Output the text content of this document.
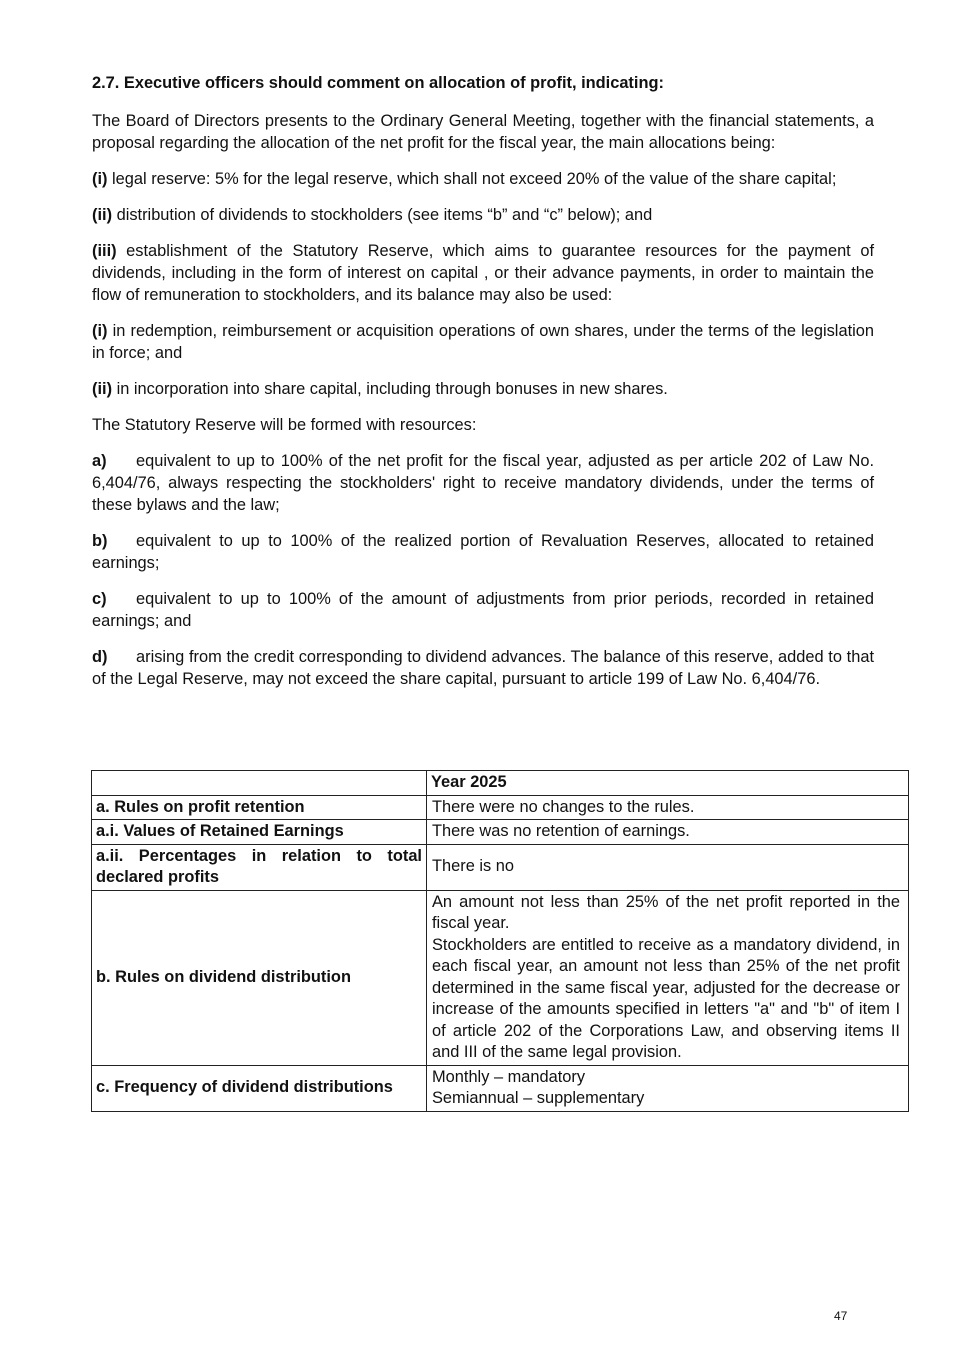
2.7. Executive officers should comment on allocation of profit, indicating:

The Board of Directors presents to the Ordinary General Meeting, together with the financial statements, a proposal regarding the allocation of the net profit for the fiscal year, the main allocations being:

(i) legal reserve: 5% for the legal reserve, which shall not exceed 20% of the value of the share capital;

(ii) distribution of dividends to stockholders (see items “b” and “c” below); and

(iii) establishment of the Statutory Reserve, which aims to guarantee resources for the payment of dividends, including in the form of interest on capital , or their advance payments, in order to maintain the flow of remuneration to stockholders, and its balance may also be used:

(i) in redemption, reimbursement or acquisition operations of own shares, under the terms of the legislation in force; and

(ii) in incorporation into share capital, including through bonuses in new shares.

The Statutory Reserve will be formed with resources:

a) equivalent to up to 100% of the net profit for the fiscal year, adjusted as per article 202 of Law No. 6,404/76, always respecting the stockholders' right to receive mandatory dividends, under the terms of these bylaws and the law;

b) equivalent to up to 100% of the realized portion of Revaluation Reserves, allocated to retained earnings;

c) equivalent to up to 100% of the amount of adjustments from prior periods, recorded in retained earnings; and

d) arising from the credit corresponding to dividend advances. The balance of this reserve, added to that of the Legal Reserve, may not exceed the share capital, pursuant to article 199 of Law No. 6,404/76.

	Year 2025
a. Rules on profit retention	There were no changes to the rules.
a.i. Values of Retained Earnings	There was no retention of earnings.
a.ii. Percentages in relation to total declared profits	There is no
b. Rules on dividend distribution	An amount not less than 25% of the net profit reported in the fiscal year.
Stockholders are entitled to receive as a mandatory dividend, in each fiscal year, an amount not less than 25% of the net profit determined in the same fiscal year, adjusted for the decrease or increase of the amounts specified in letters "a" and "b" of item I of article 202 of the Corporations Law, and observing items II and III of the same legal provision.

c. Frequency of dividend distributions	Monthly – mandatory
Semiannual – supplementary
47
